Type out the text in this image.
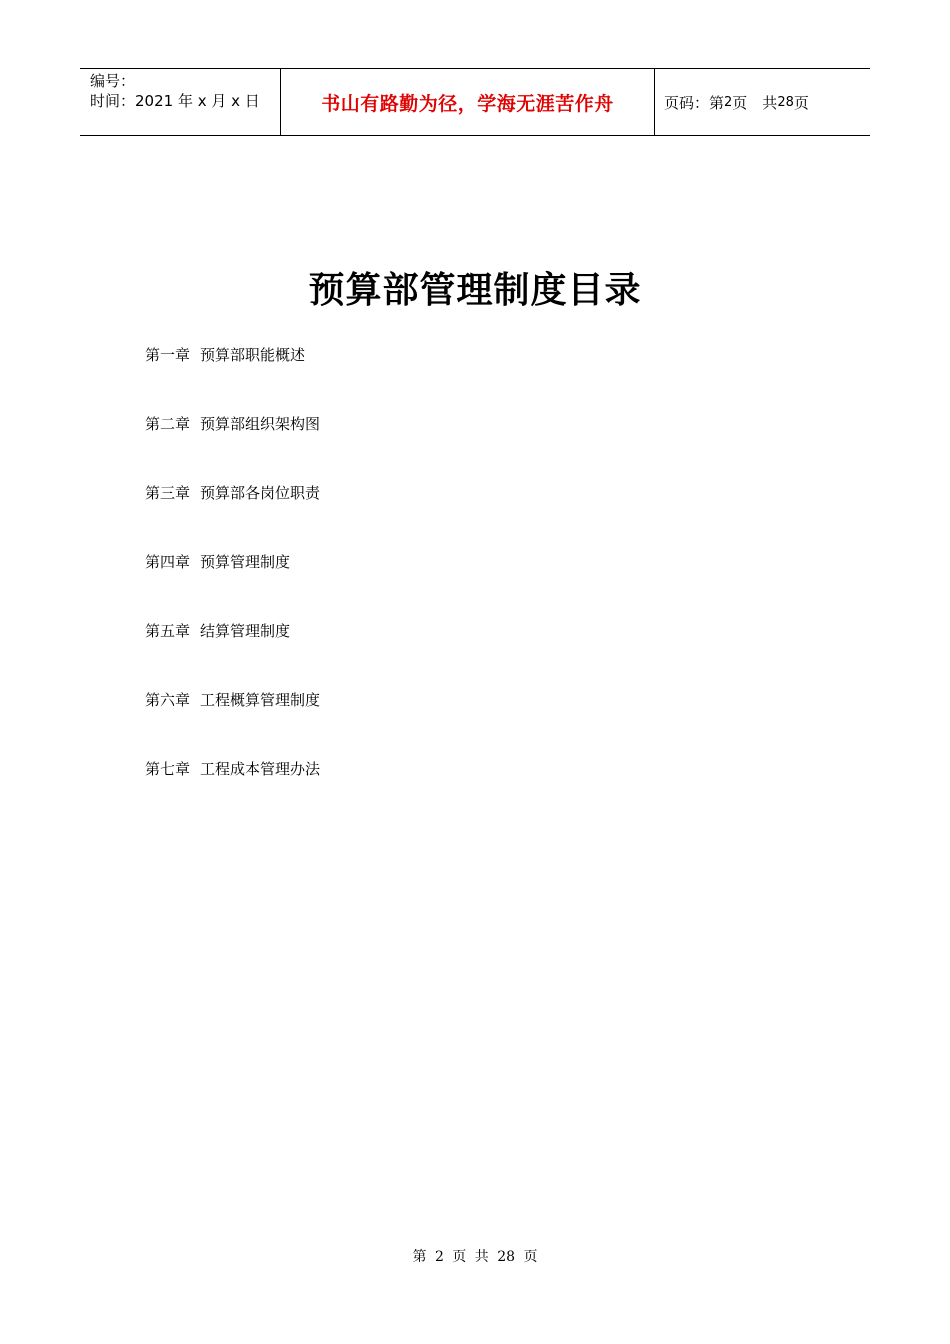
编号：
时间：2021 年 x 月 x 日	书山有路勤为径，学海无涯苦作舟	页码：第 2 页　共 28 页
预算部管理制度目录
第一章 预算部职能概述
第二章 预算部组织架构图
第三章 预算部各岗位职责
第四章 预算管理制度
第五章 结算管理制度
第六章 工程概算管理制度
第七章 工程成本管理办法
第 2 页 共 28 页
